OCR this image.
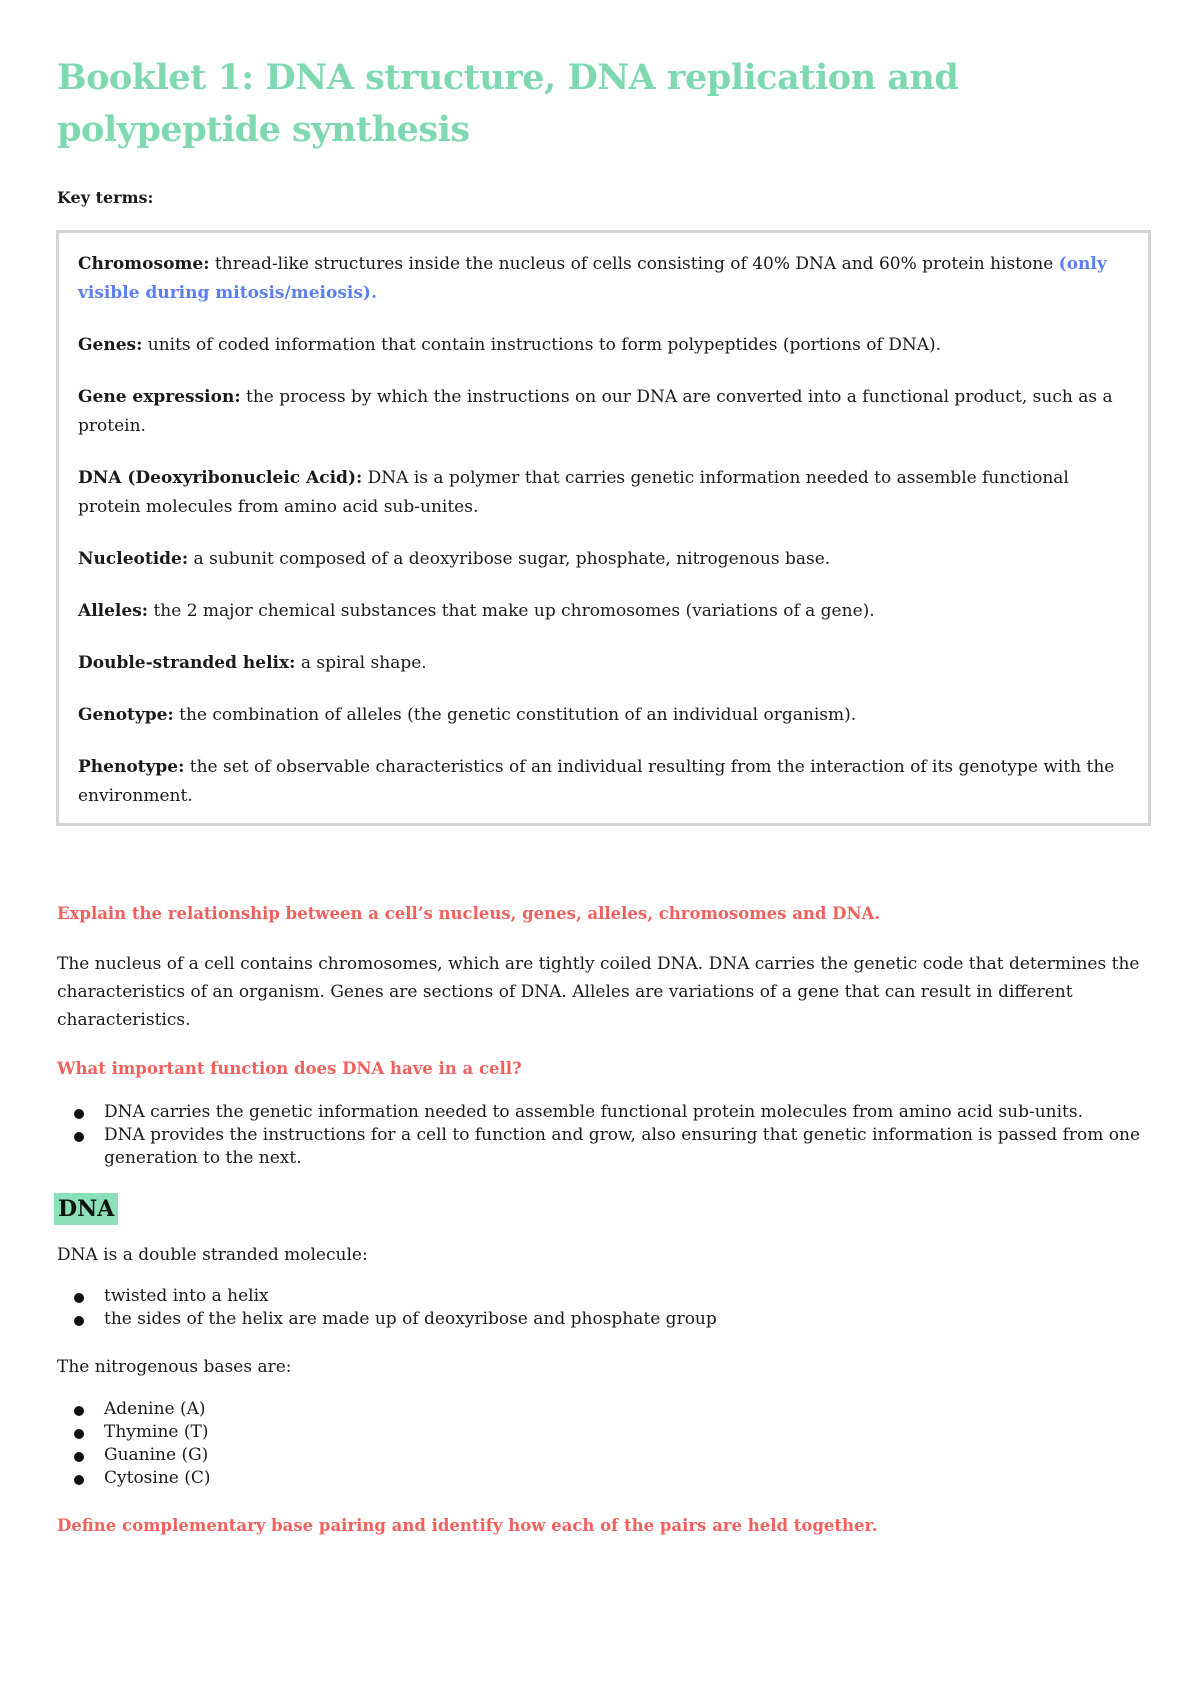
Booklet 1: DNA structure, DNA replication and polypeptide synthesis
Key terms:

Chromosome: thread-like structures inside the nucleus of cells consisting of 40% DNA and 60% protein histone (only visible during mitosis/meiosis).

Genes: units of coded information that contain instructions to form polypeptides (portions of DNA).

Gene expression: the process by which the instructions on our DNA are converted into a functional product, such as a protein.

DNA (Deoxyribonucleic Acid): DNA is a polymer that carries genetic information needed to assemble functional protein molecules from amino acid sub-unites.

Nucleotide: a subunit composed of a deoxyribose sugar, phosphate, nitrogenous base.

Alleles: the 2 major chemical substances that make up chromosomes (variations of a gene).

Double-stranded helix: a spiral shape.

Genotype: the combination of alleles (the genetic constitution of an individual organism).

Phenotype: the set of observable characteristics of an individual resulting from the interaction of its genotype with the environment.

Explain the relationship between a cell’s nucleus, genes, alleles, chromosomes and DNA.
The nucleus of a cell contains chromosomes, which are tightly coiled DNA. DNA carries the genetic code that determines the characteristics of an organism. Genes are sections of DNA. Alleles are variations of a gene that can result in different characteristics.
What important function does DNA have in a cell?
DNA carries the genetic information needed to assemble functional protein molecules from amino acid sub-units.
DNA provides the instructions for a cell to function and grow, also ensuring that genetic information is passed from one generation to the next.
DNA
DNA is a double stranded molecule:
twisted into a helix
the sides of the helix are made up of deoxyribose and phosphate group
The nitrogenous bases are:
Adenine (A)
Thymine (T)
Guanine (G)
Cytosine (C)
Define complementary base pairing and identify how each of the pairs are held together.
